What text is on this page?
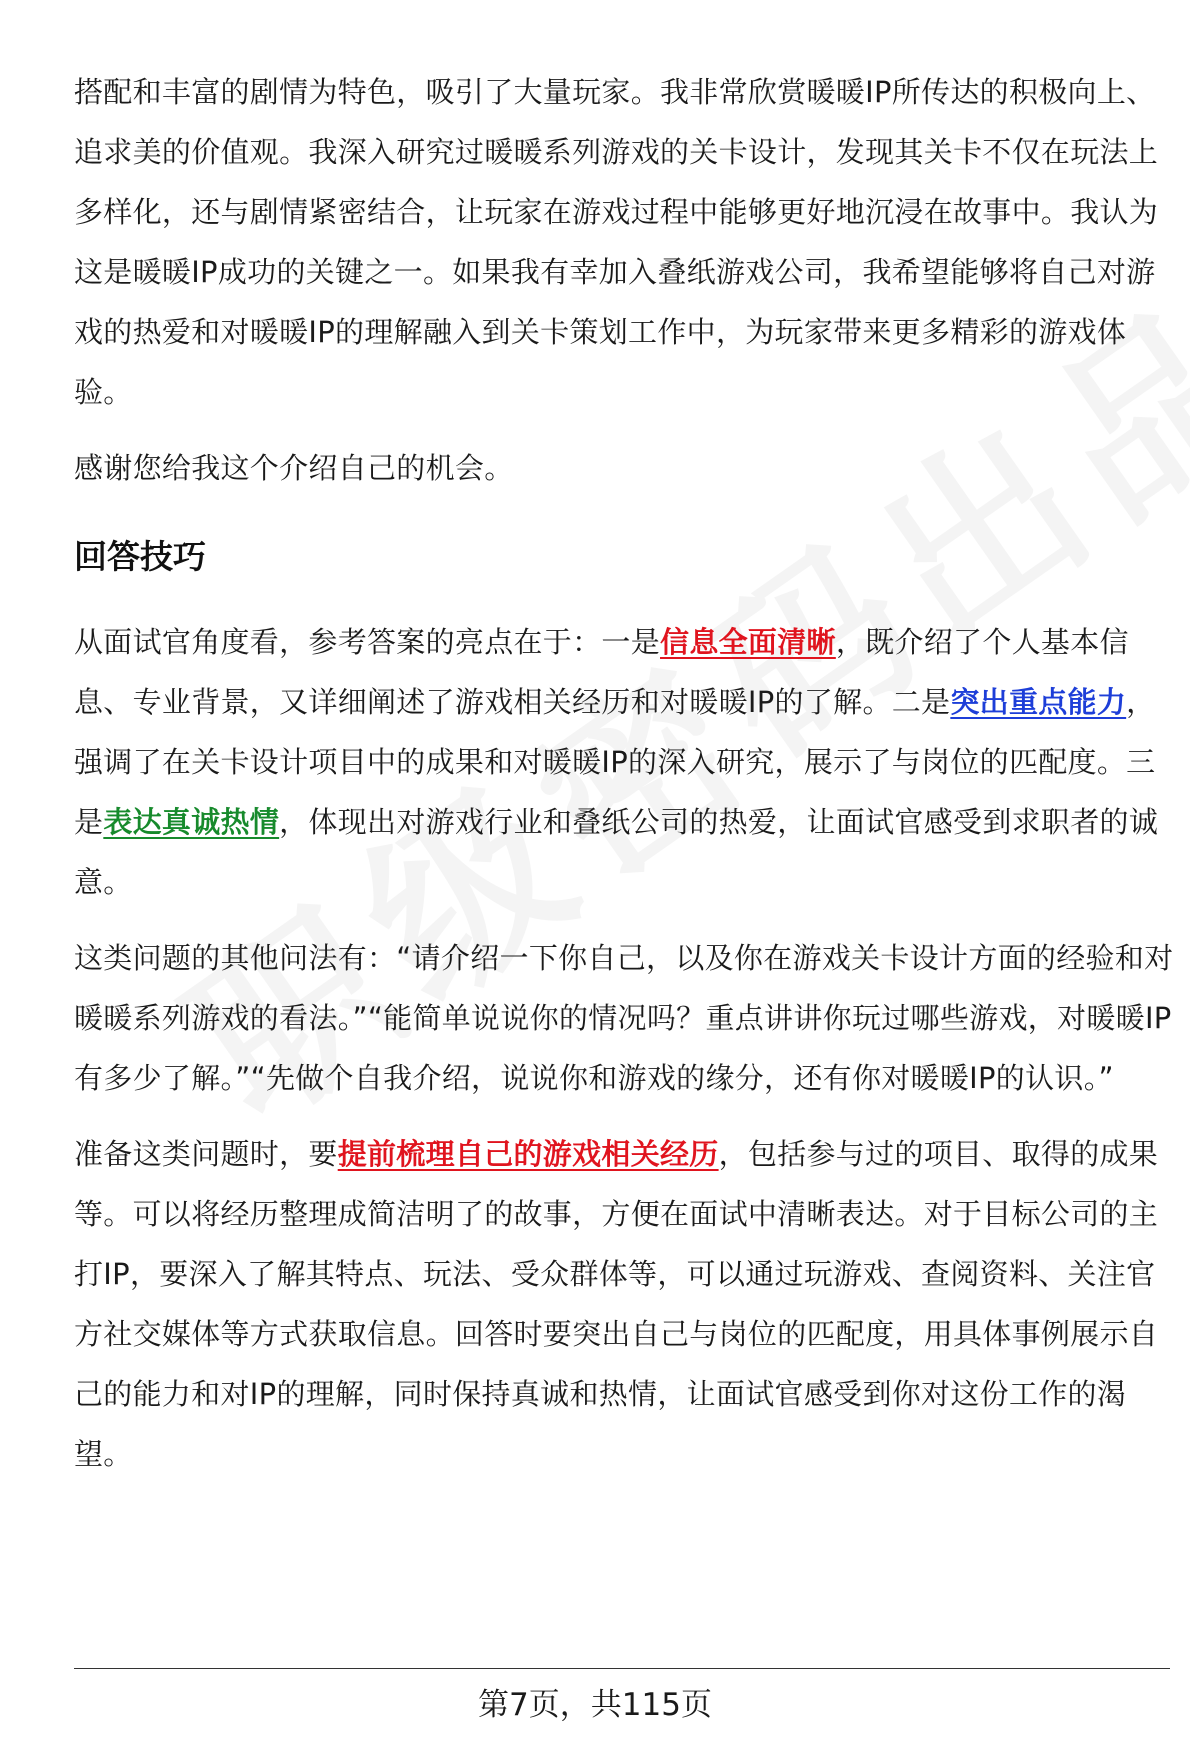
搭配和丰富的剧情为特色，吸引了大量玩家。我非常欣赏暖暖IP所传达的积极向上、追求美的价值观。我深入研究过暖暖系列游戏的关卡设计，发现其关卡不仅在玩法上多样化，还与剧情紧密结合，让玩家在游戏过程中能够更好地沉浸在故事中。我认为这是暖暖IP成功的关键之一。如果我有幸加入叠纸游戏公司，我希望能够将自己对游戏的热爱和对暖暖IP的理解融入到关卡策划工作中，为玩家带来更多精彩的游戏体验。

感谢您给我这个介绍自己的机会。

回答技巧

从面试官角度看，参考答案的亮点在于：一是信息全面清晰，既介绍了个人基本信息、专业背景，又详细阐述了游戏相关经历和对暖暖IP的了解。二是突出重点能力，强调了在关卡设计项目中的成果和对暖暖IP的深入研究，展示了与岗位的匹配度。三是表达真诚热情，体现出对游戏行业和叠纸公司的热爱，让面试官感受到求职者的诚意。

这类问题的其他问法有：“请介绍一下你自己，以及你在游戏关卡设计方面的经验和对暖暖系列游戏的看法。”“能简单说说你的情况吗？重点讲讲你玩过哪些游戏，对暖暖IP有多少了解。”“先做个自我介绍，说说你和游戏的缘分，还有你对暖暖IP的认识。”

准备这类问题时，要提前梳理自己的游戏相关经历，包括参与过的项目、取得的成果等。可以将经历整理成简洁明了的故事，方便在面试中清晰表达。对于目标公司的主打IP，要深入了解其特点、玩法、受众群体等，可以通过玩游戏、查阅资料、关注官方社交媒体等方式获取信息。回答时要突出自己与岗位的匹配度，用具体事例展示自己的能力和对IP的理解，同时保持真诚和热情，让面试官感受到你对这份工作的渴望。

第7页，共115页
